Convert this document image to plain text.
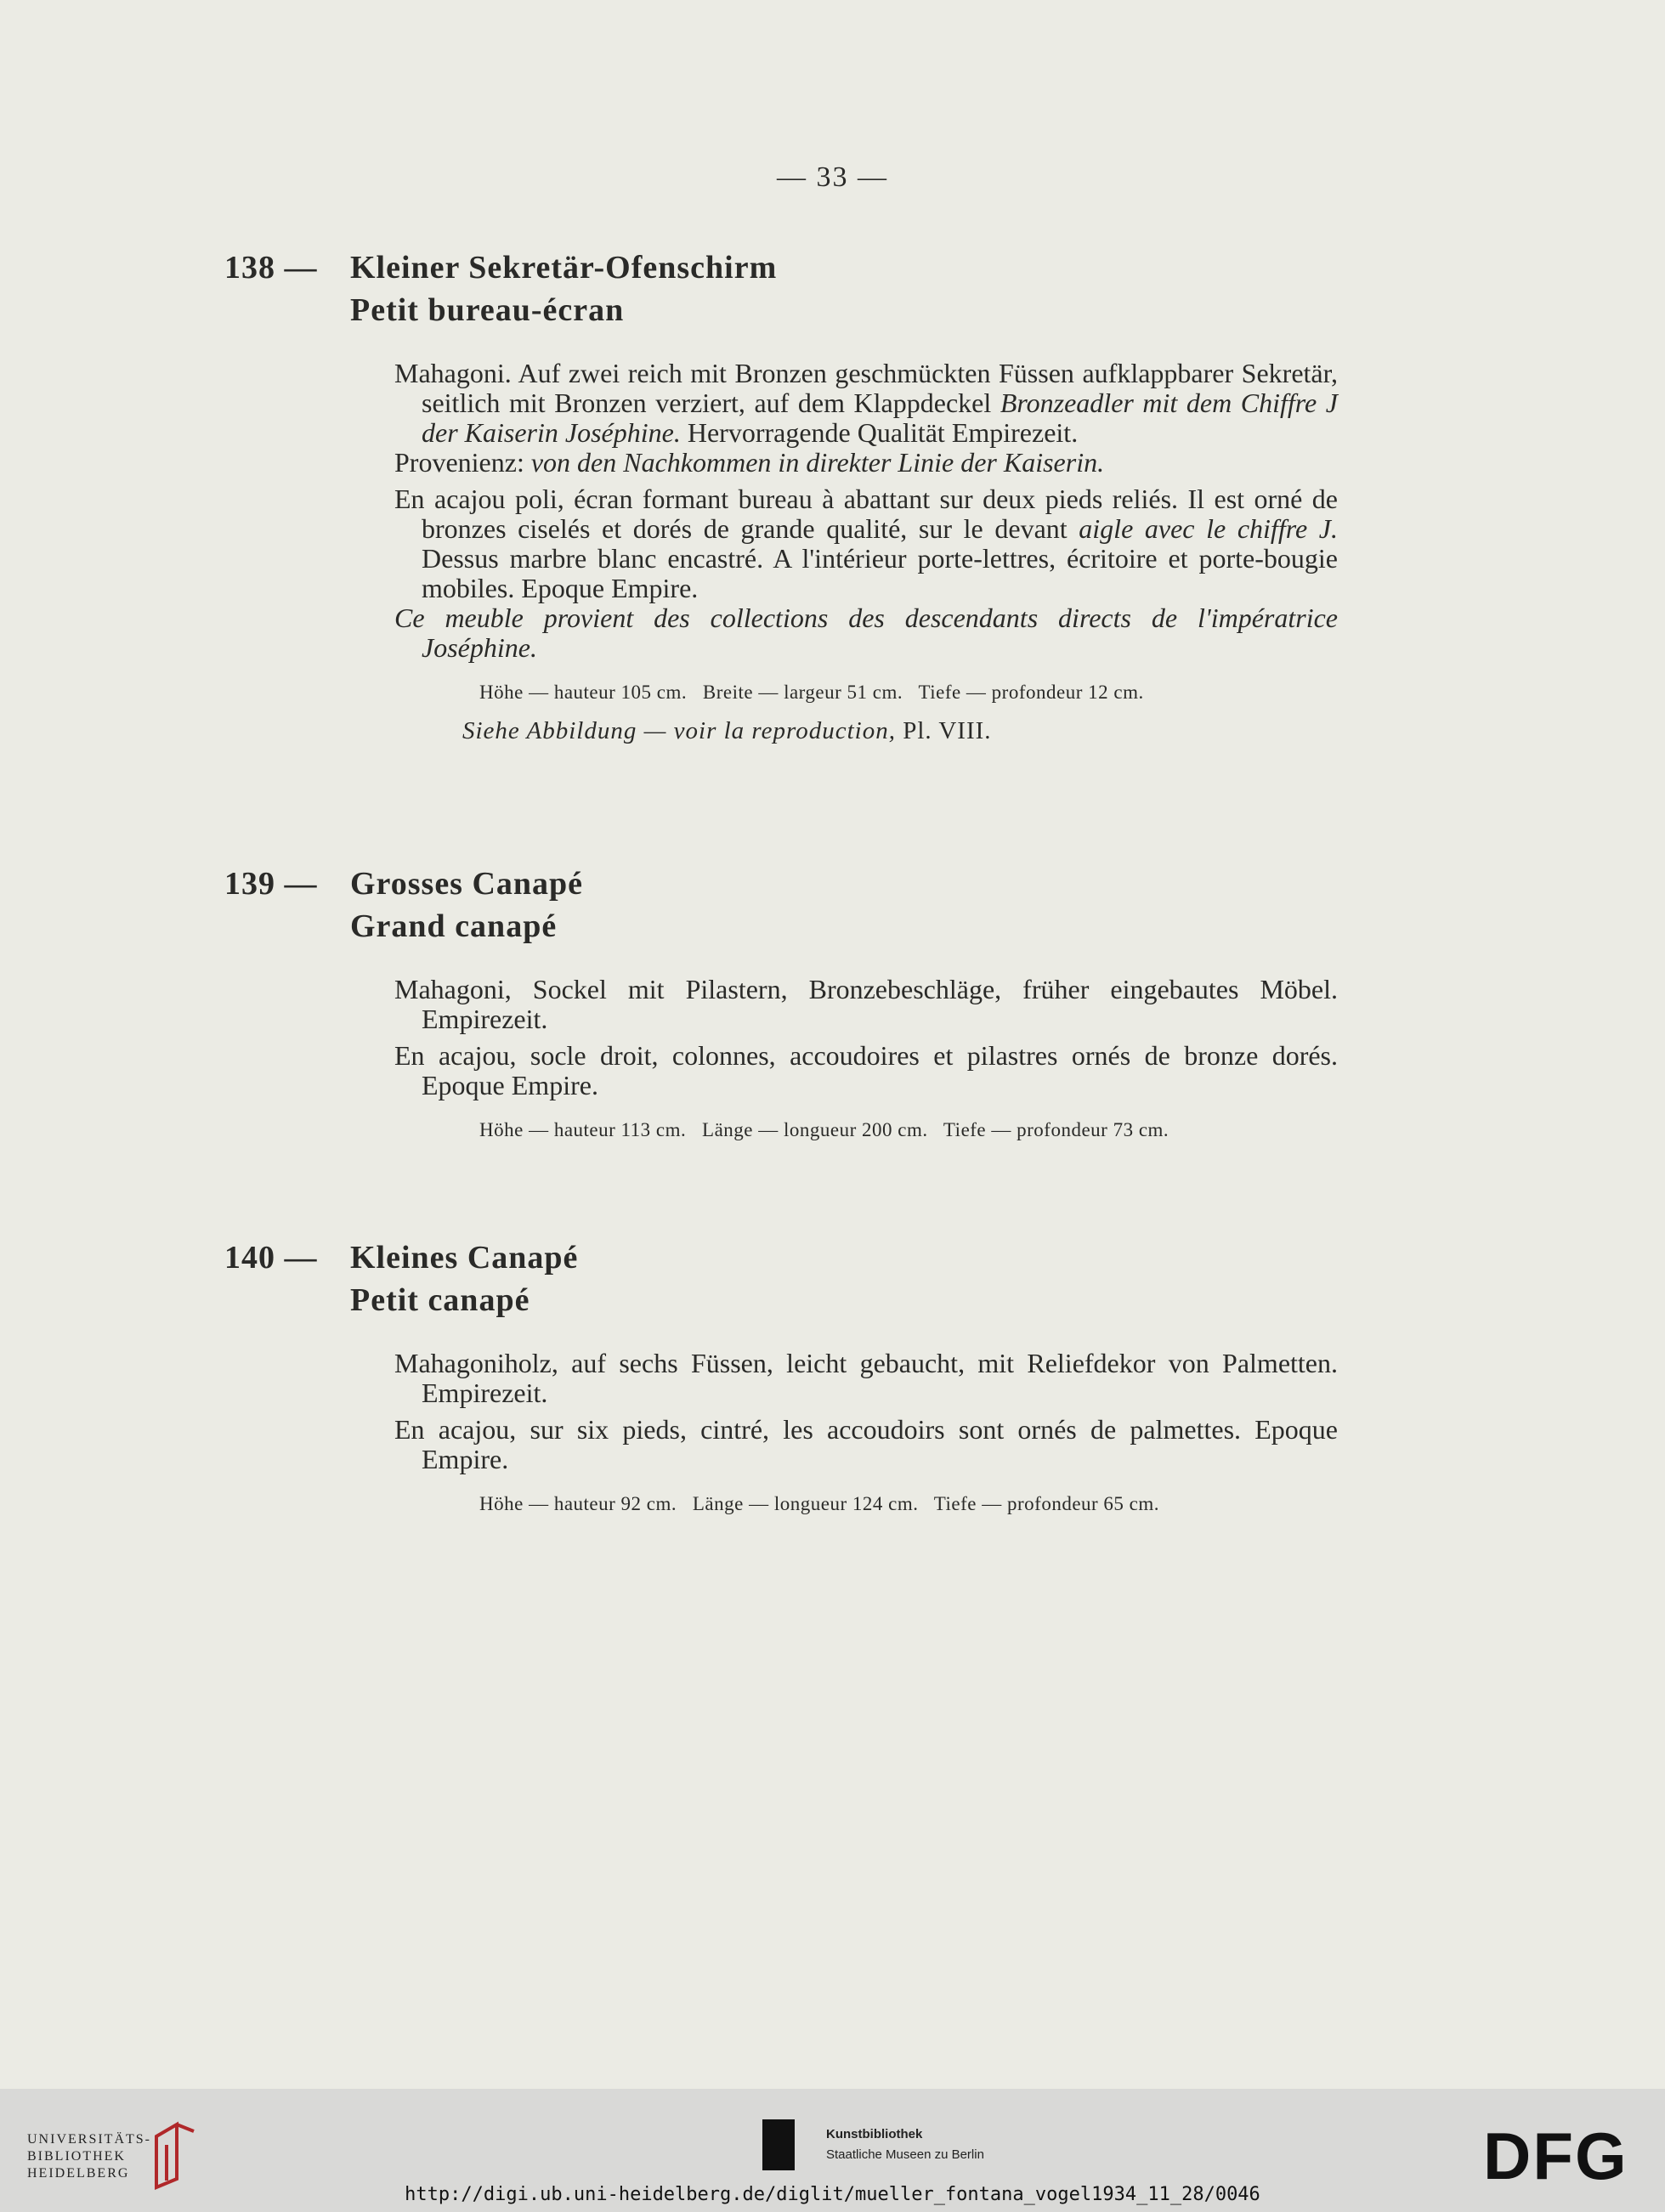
— 33 —
138 — Kleiner Sekretär-Ofenschirm
Petit bureau-écran
Mahagoni. Auf zwei reich mit Bronzen geschmückten Füssen aufklappbarer Sekretär, seitlich mit Bronzen verziert, auf dem Klappdeckel Bronzeadler mit dem Chiffre J der Kaiserin Joséphine. Hervorragende Qualität Empirezeit.
Provenienz: von den Nachkommen in direkter Linie der Kaiserin.
En acajou poli, écran formant bureau à abattant sur deux pieds reliés. Il est orné de bronzes ciselés et dorés de grande qualité, sur le devant aigle avec le chiffre J. Dessus marbre blanc encastré. A l'intérieur porte-lettres, écritoire et porte-bougie mobiles. Epoque Empire.
Ce meuble provient des collections des descendants directs de l'impératrice Joséphine.
Höhe — hauteur 105 cm.   Breite — largeur 51 cm.   Tiefe — profondeur 12 cm.
Siehe Abbildung — voir la reproduction, Pl. VIII.
139 — Grosses Canapé
Grand canapé
Mahagoni, Sockel mit Pilastern, Bronzebeschläge, früher eingebautes Möbel. Empirezeit.
En acajou, socle droit, colonnes, accoudoires et pilastres ornés de bronze dorés. Epoque Empire.
Höhe — hauteur 113 cm.   Länge — longueur 200 cm.   Tiefe — profondeur 73 cm.
140 — Kleines Canapé
Petit canapé
Mahagoniholz, auf sechs Füssen, leicht gebaucht, mit Reliefdekor von Palmetten. Empirezeit.
En acajou, sur six pieds, cintré, les accoudoirs sont ornés de palmettes. Epoque Empire.
Höhe — hauteur 92 cm.   Länge — longueur 124 cm.   Tiefe — profondeur 65 cm.
UNIVERSITÄTS-
BIBLIOTHEK
HEIDELBERG
Kunstbibliothek
Staatliche Museen zu Berlin	DFG
http://digi.ub.uni-heidelberg.de/diglit/mueller_fontana_vogel1934_11_28/0046
